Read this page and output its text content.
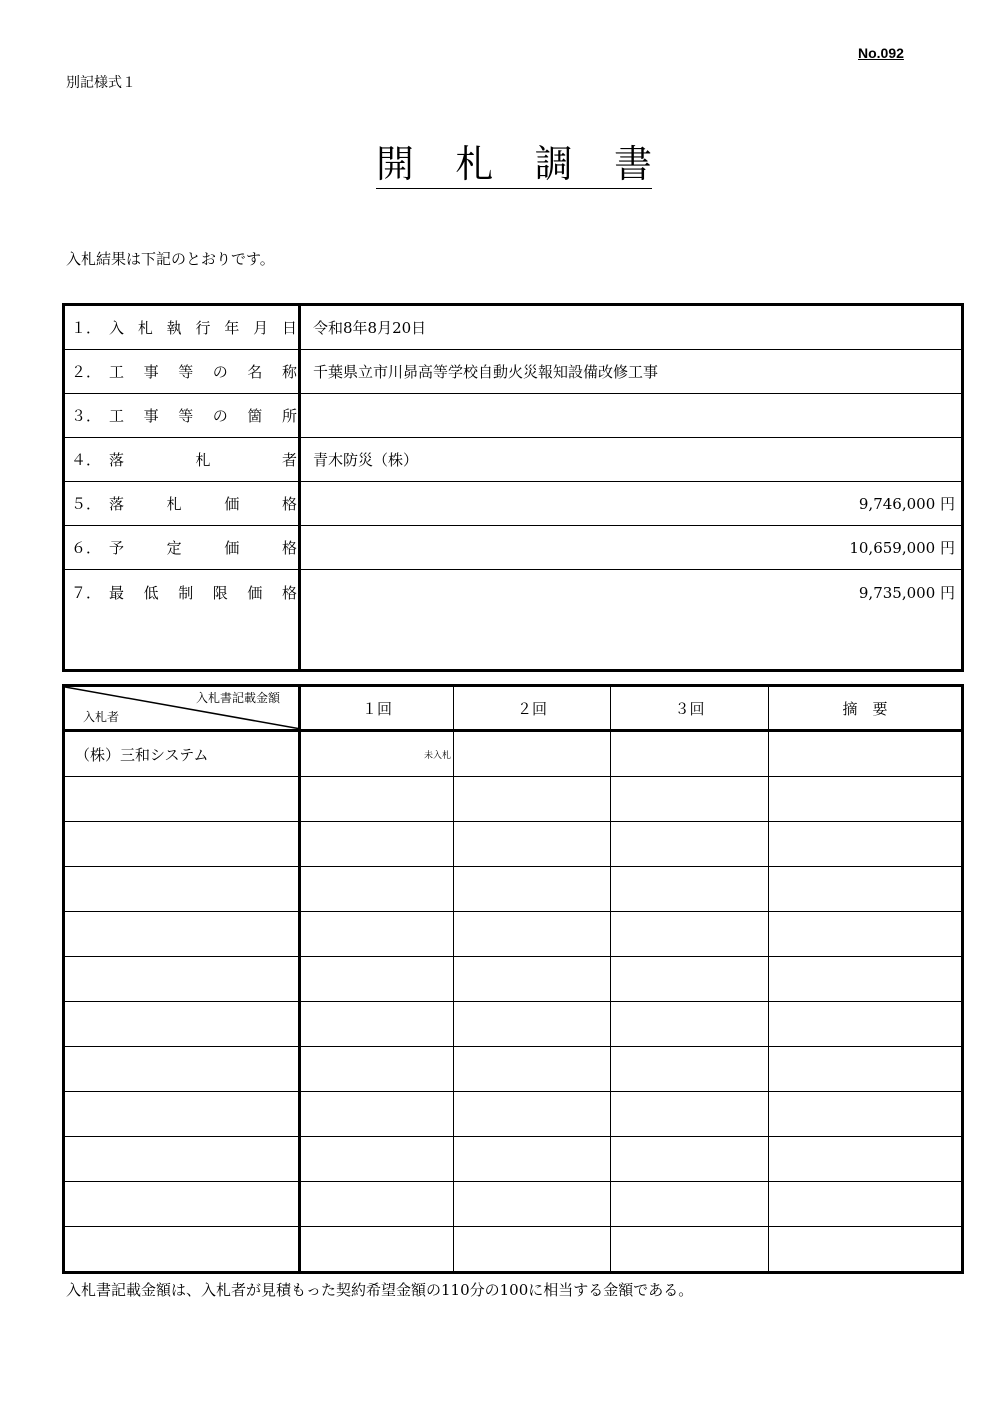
No.092
別記様式１
開札調書
入札結果は下記のとおりです。
１． 入札執行年月日	令和8年8月20日

２． 工事等の名称	千葉県立市川昴高等学校自動火災報知設備改修工事

３． 工事等の箇所	

４． 落札者	青木防災（株）

５． 落札価格	9,746,000 円

６． 予定価格	10,659,000 円

７． 最低制限価格	9,735,000 円
入札書記載金額
入札者	１回	２回	３回	摘　要
（株）三和システム	未入札			

入札書記載金額は、入札者が見積もった契約希望金額の110分の100に相当する金額である。
